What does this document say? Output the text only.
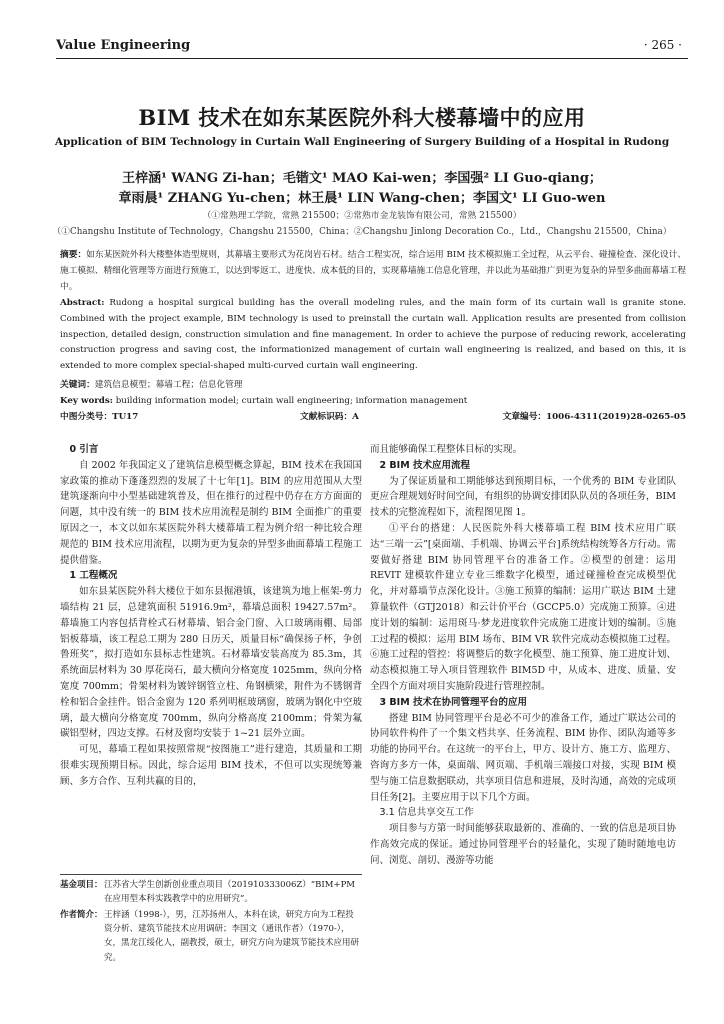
Value Engineering	· 265 ·
BIM 技术在如东某医院外科大楼幕墙中的应用
Application of BIM Technology in Curtain Wall Engineering of Surgery Building of a Hospital in Rudong
王梓涵¹ WANG Zi-han；毛锴文¹ MAO Kai-wen；李国强² LI Guo-qiang；
章雨晨¹ ZHANG Yu-chen；林王晨¹ LIN Wang-chen；李国文¹ LI Guo-wen
（①常熟理工学院，常熟 215500；②常熟市金龙装饰有限公司，常熟 215500）
（①Changshu Institute of Technology，Changshu 215500，China；②Changshu Jinlong Decoration Co.，Ltd.，Changshu 215500，China）
摘要：如东某医院外科大楼整体造型规则，其幕墙主要形式为花岗岩石材。结合工程实况，综合运用 BIM 技术模拟施工全过程，从云平台、碰撞检查、深化设计、施工模拟、精细化管理等方面进行预施工，以达到零返工、进度快、成本低的目的，实现幕墙施工信息化管理，并以此为基础推广到更为复杂的异型多曲面幕墙工程中。
Abstract: Rudong a hospital surgical building has the overall modeling rules, and the main form of its curtain wall is granite stone. Combined with the project example, BIM technology is used to preinstall the curtain wall. Application results are presented from collision inspection, detailed design, construction simulation and fine management. In order to achieve the purpose of reducing rework, accelerating construction progress and saving cost, the informationized management of curtain wall engineering is realized, and based on this, it is extended to more complex special-shaped multi-curved curtain wall engineering.
关键词：建筑信息模型；幕墙工程；信息化管理
Key words: building information model; curtain wall engineering; information management
中图分类号：TU17	文献标识码：A	文章编号：1006-4311(2019)28-0265-05

0 引言

自 2002 年我国定义了建筑信息模型概念算起，BIM 技术在我国国家政策的推动下蓬蓬烈烈的发展了十七年[1]。BIM 的应用范围从大型建筑逐渐向中小型基础建筑普及，但在推行的过程中仍存在方方面面的问题，其中没有统一的 BIM 技术应用流程是制约 BIM 全面推广的重要原因之一，本文以如东某医院外科大楼幕墙工程为例介绍一种比较合理规范的 BIM 技术应用流程，以期为更为复杂的异型多曲面幕墙工程施工提供借鉴。

1 工程概况

如东县某医院外科大楼位于如东县掘港镇，该建筑为地上框架-剪力墙结构 21 层，总建筑面积 51916.9m²，幕墙总面积 19427.57m²。幕墙施工内容包括背栓式石材幕墙、铝合金门窗、入口玻璃雨棚、局部铝板幕墙，该工程总工期为 280 日历天，质量目标“确保扬子杯，争创鲁班奖”，拟打造如东县标志性建筑。石材幕墙安装高度为 85.3m，其系统面层材料为 30 厚花岗石，最大横向分格宽度 1025mm，纵向分格宽度 700mm；骨架材料为镀锌钢管立柱、角钢横梁，附件为不锈钢背栓和铝合金挂件。铝合金窗为 120 系列明框玻璃窗，玻璃为钢化中空玻璃，最大横向分格宽度 700mm，纵向分格高度 2100mm；骨架为氟碳铝型材，四边支撑。石材及窗均安装于 1~21 层外立面。

可见，幕墙工程如果按照常规“按图施工”进行建造，其质量和工期很难实现预期目标。因此，综合运用 BIM 技术，不但可以实现统筹兼顾、多方合作、互利共赢的目的，

基金项目：江苏省大学生创新创业重点项目（201910333006Z）“BIM+PM 在应用型本科实践教学中的应用研究”。
作者简介：王梓涵（1998-），男，江苏扬州人，本科在读，研究方向为工程投资分析、建筑节能技术应用调研；李国文（通讯作者）（1970-），女，黑龙江绥化人，副教授，硕士，研究方向为建筑节能技术应用研究。

而且能够确保工程整体目标的实现。

2 BIM 技术应用流程

为了保证质量和工期能够达到预期目标，一个优秀的 BIM 专业团队更应合理规划好时间空间，有组织的协调安排团队队员的各项任务，BIM 技术的完整流程如下，流程图见图 1。

①平台的搭建：人民医院外科大楼幕墙工程 BIM 技术应用广联达“三端一云”[桌面端、手机端、协调云平台]系统结构统筹各方行动。需要做好搭建 BIM 协同管理平台的准备工作。②模型的创建：运用 REVIT 建模软件建立专业三维数字化模型，通过碰撞检查完成模型优化，并对幕墙节点深化设计。③施工预算的编制：运用广联达 BIM 土建算量软件（GTJ2018）和云计价平台（GCCP5.0）完成施工预算。④进度计划的编制：运用斑马·梦龙进度软件完成施工进度计划的编制。⑤施工过程的模拟：运用 BIM 场布、BIM VR 软件完成动态模拟施工过程。⑥施工过程的管控：将调整后的数字化模型、施工预算、施工进度计划、动态模拟施工导入项目管理软件 BIM5D 中，从成本、进度、质量、安全四个方面对项目实施阶段进行管理控制。

3 BIM 技术在协同管理平台的应用

搭建 BIM 协同管理平台是必不可少的准备工作，通过广联达公司的协同软件构件了一个集文档共享、任务流程、BIM 协作、团队沟通等多功能的协同平台。在这统一的平台上，甲方、设计方、施工方、监理方、咨询方多方一体，桌面端、网页端、手机端三端接口对接，实现 BIM 模型与施工信息数据联动，共享项目信息和进展，及时沟通，高效的完成项目任务[2]。主要应用于以下几个方面。

3.1 信息共享交互工作

项目参与方第一时间能够获取最新的、准确的、一致的信息是项目协作高效完成的保证。通过协同管理平台的轻量化，实现了随时随地电访问、浏览、剖切、漫游等功能
